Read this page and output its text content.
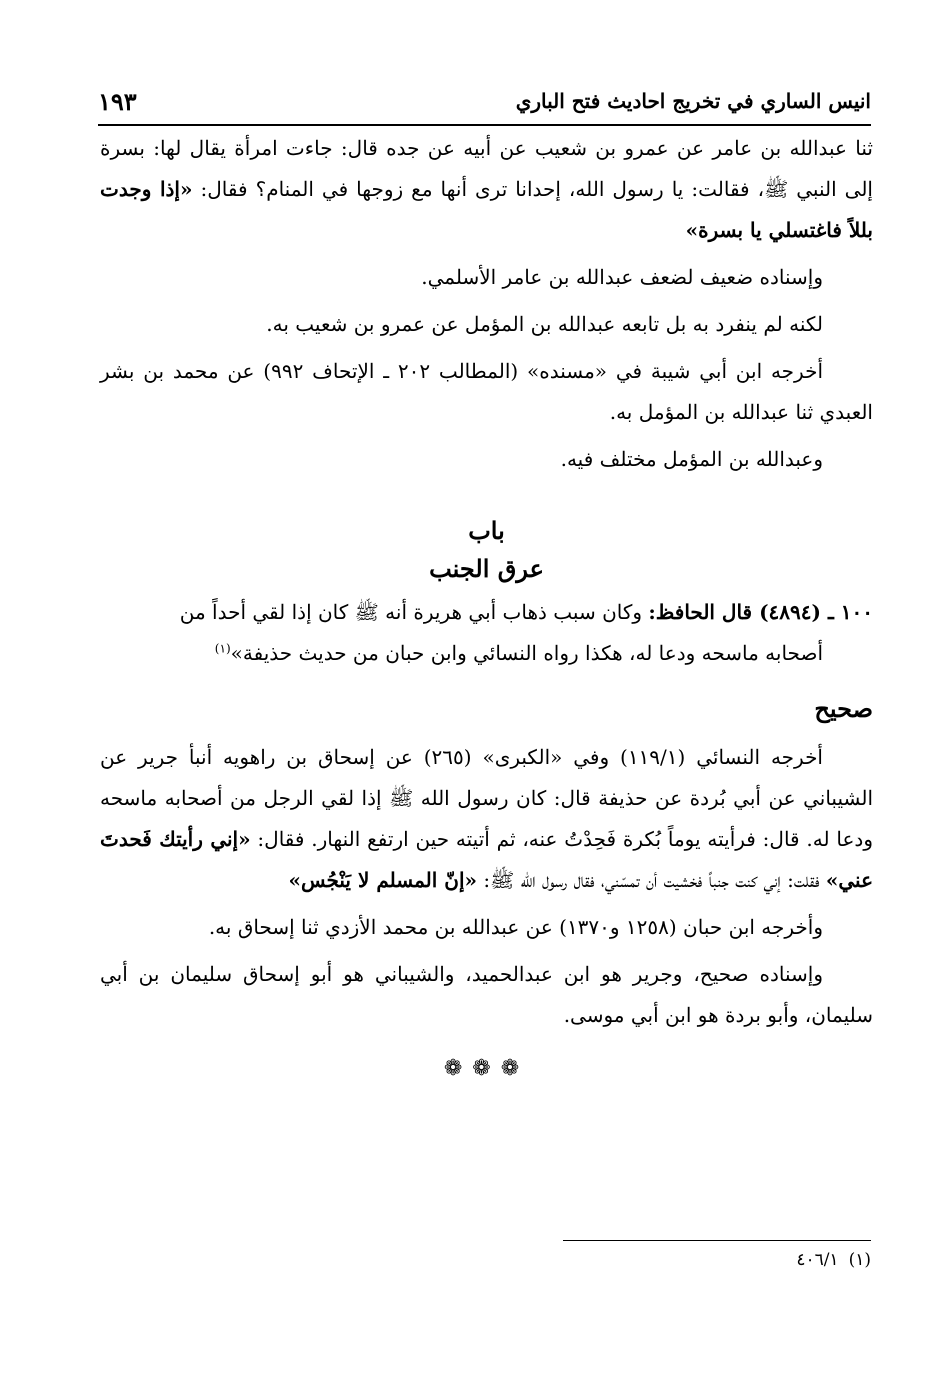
انيس الساري في تخريج احاديث فتح الباري
١٩٣

ثنا عبدالله بن عامر عن عمرو بن شعيب عن أبيه عن جده قال: جاءت امرأة يقال لها: بسرة إلى النبي ﷺ، فقالت: يا رسول الله، إحدانا ترى أنها مع زوجها في المنام؟ فقال: «إذا وجدت بللاً فاغتسلي يا بسرة»

وإسناده ضعيف لضعف عبدالله بن عامر الأسلمي.

لكنه لم ينفرد به بل تابعه عبدالله بن المؤمل عن عمرو بن شعيب به.

أخرجه ابن أبي شيبة في «مسنده» (المطالب ٢٠٢ ـ الإتحاف ٩٩٢) عن محمد بن بشر العبدي ثنا عبدالله بن المؤمل به.

وعبدالله بن المؤمل مختلف فيه.

باب

عرق الجنب

١٠٠ ـ (٤٨٩٤) قال الحافظ: وكان سبب ذهاب أبي هريرة أنه ﷺ كان إذا لقي أحداً من
أصحابه ماسحه ودعا له، هكذا رواه النسائي وابن حبان من حديث حذيفة»$^{(١)}$

صحيح

أخرجه النسائي (١١٩/١) وفي «الكبرى» (٢٦٥) عن إسحاق بن راهويه أنبأ جرير عن الشيباني عن أبي بُردة عن حذيفة قال: كان رسول الله ﷺ إذا لقي الرجل من أصحابه ماسحه ودعا له. قال: فرأيته يوماً بُكرة فَحِدْتُ عنه، ثم أتيته حين ارتفع النهار. فقال: «إني رأيتك فَحدتَ عني» فقلت: إني كنت جنباً فخشيت أن تمسّني، فقال رسول الله ﷺ: «إنّ المسلم لا يَنْجُس»

وأخرجه ابن حبان (١٢٥٨ و١٣٧٠) عن عبدالله بن محمد الأزدي ثنا إسحاق به.

وإسناده صحيح، وجرير هو ابن عبدالحميد، والشيباني هو أبو إسحاق سليمان بن أبي سليمان، وأبو بردة هو ابن أبي موسى.

❁❁❁

(١)٤٠٦/١
